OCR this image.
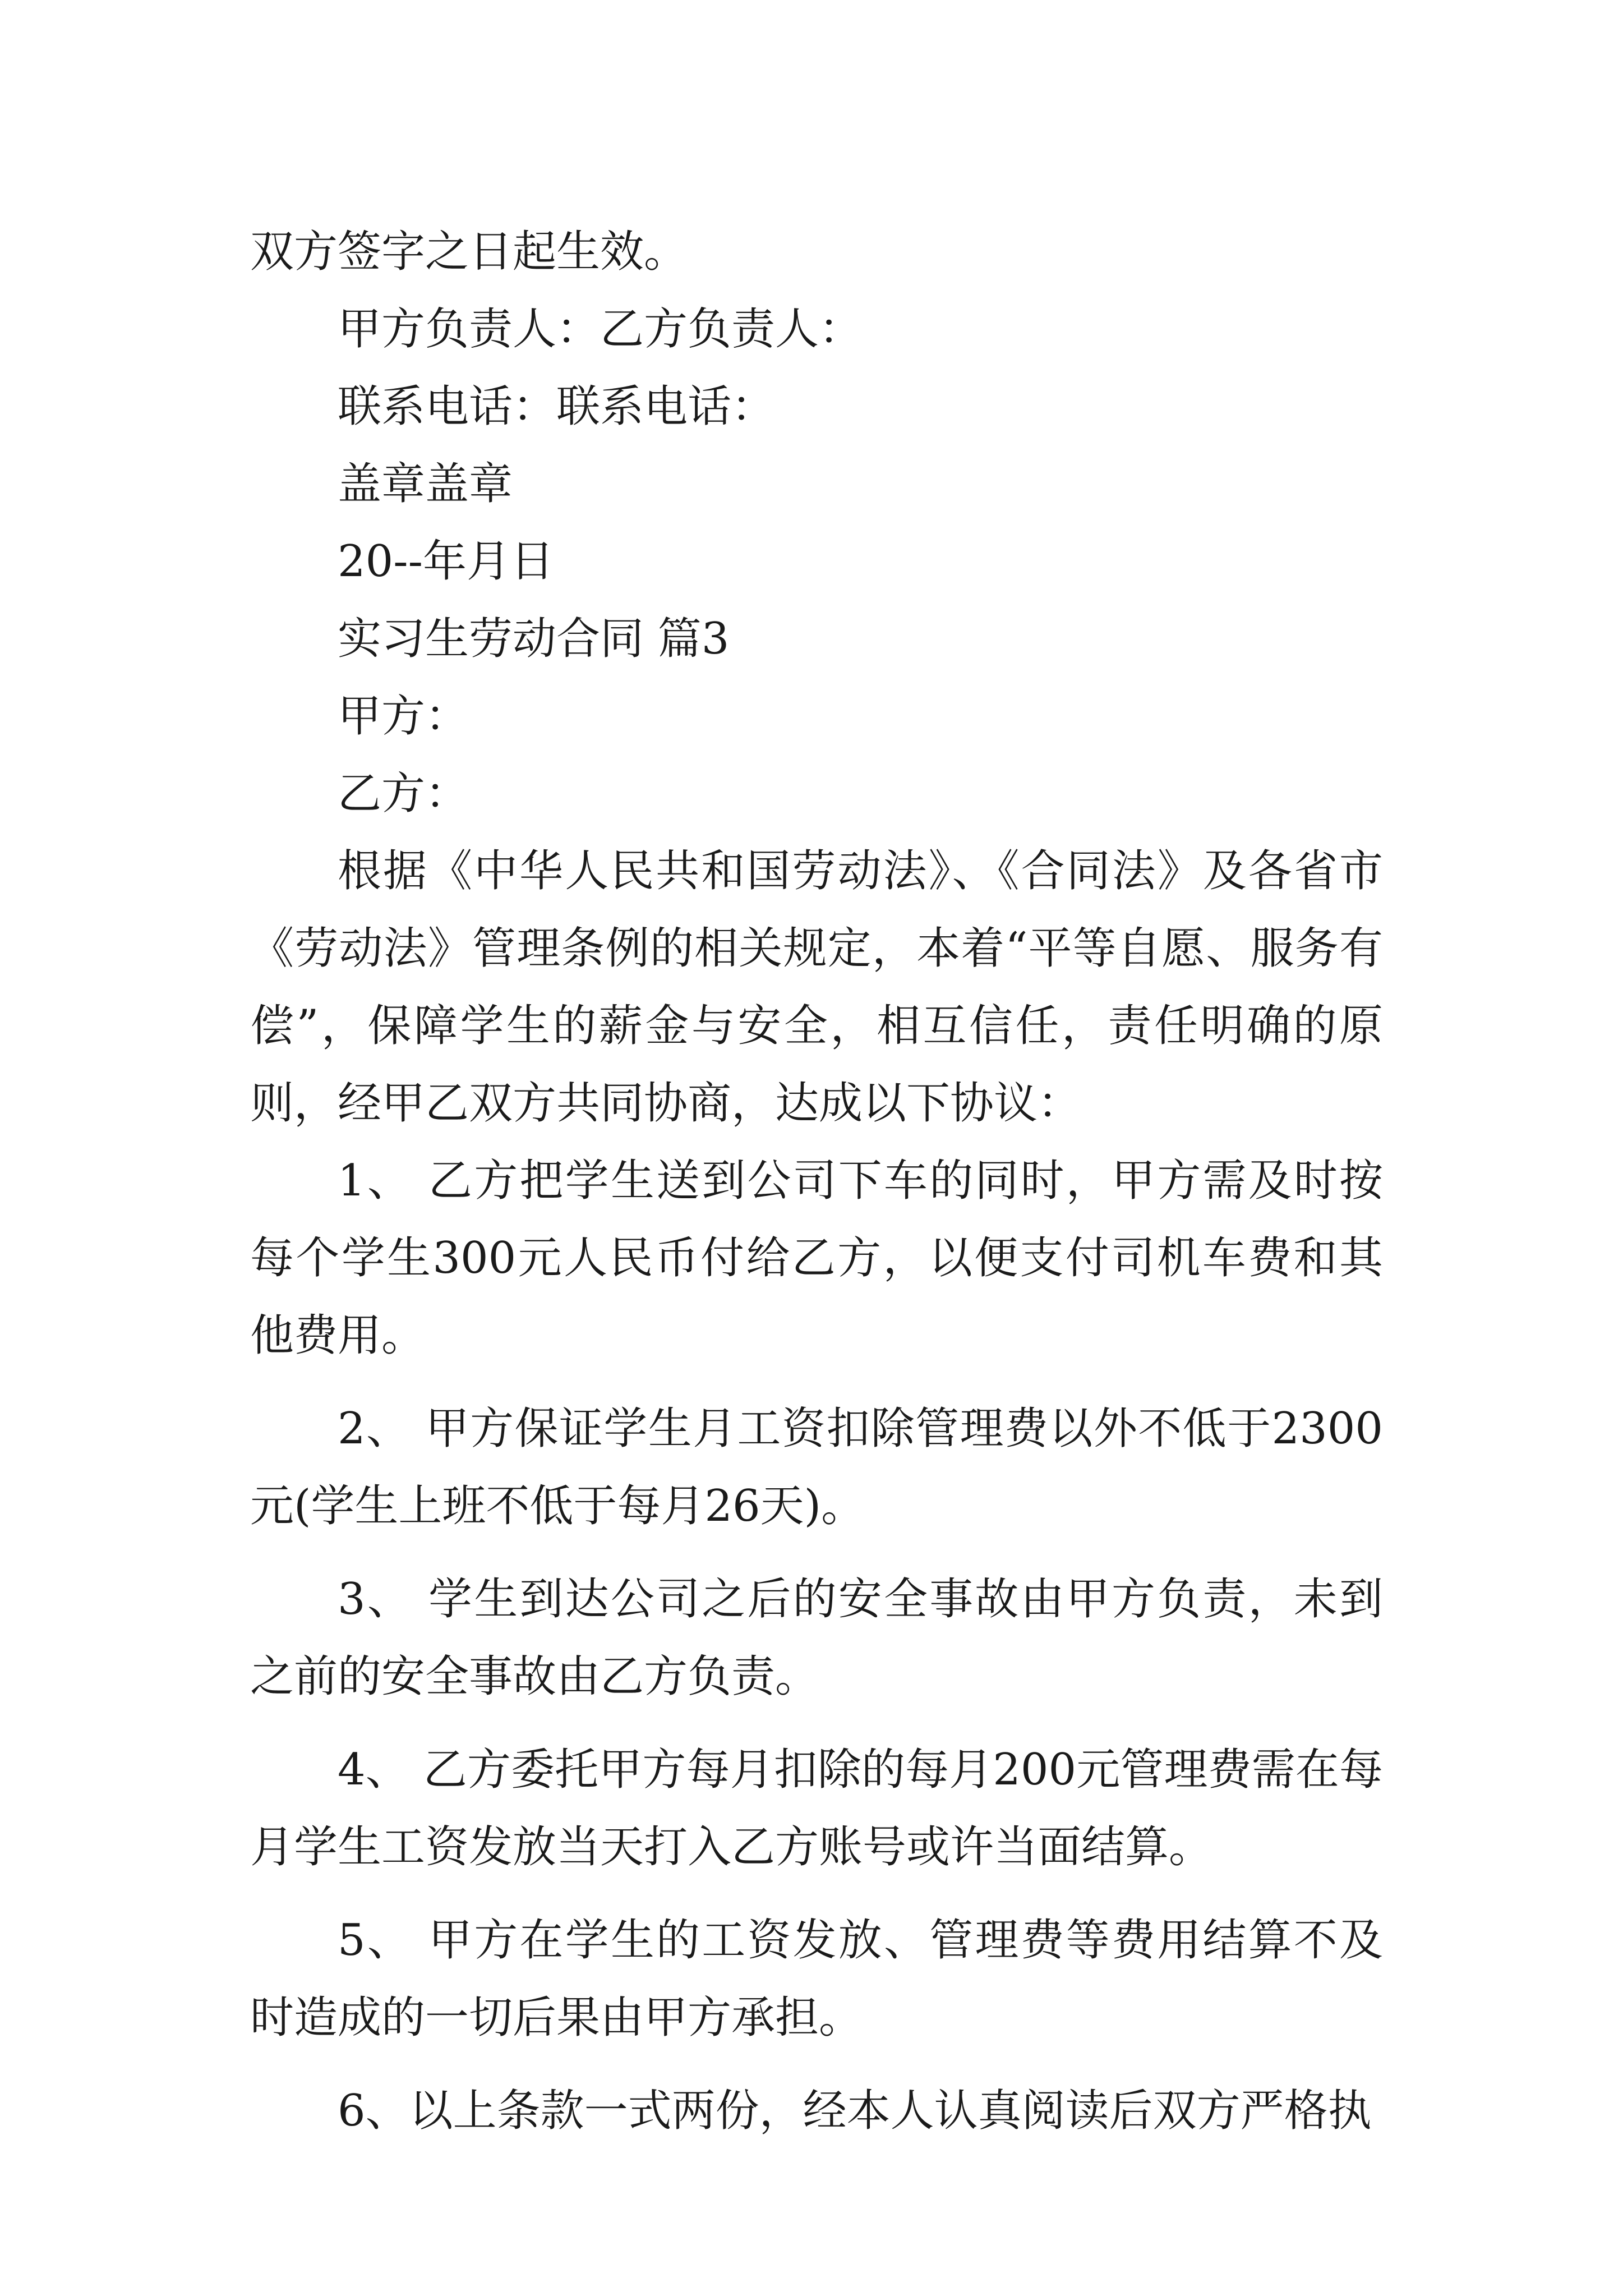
双方签字之日起生效。

甲方负责人：乙方负责人：

联系电话：联系电话：

盖章盖章

20--年月日

实习生劳动合同 篇3

甲方：

乙方：

根据《中华人民共和国劳动法》、《合同法》及各省市《劳动法》管理条例的相关规定，本着“平等自愿、服务有偿”，保障学生的薪金与安全，相互信任，责任明确的原则，经甲乙双方共同协商，达成以下协议：

1、 乙方把学生送到公司下车的同时，甲方需及时按每个学生300元人民币付给乙方，以便支付司机车费和其他费用。

2、 甲方保证学生月工资扣除管理费以外不低于2300元(学生上班不低于每月26天)。

3、 学生到达公司之后的安全事故由甲方负责，未到之前的安全事故由乙方负责。

4、 乙方委托甲方每月扣除的每月200元管理费需在每月学生工资发放当天打入乙方账号或许当面结算。

5、 甲方在学生的工资发放、管理费等费用结算不及时造成的一切后果由甲方承担。

6、以上条款一式两份，经本人认真阅读后双方严格执
